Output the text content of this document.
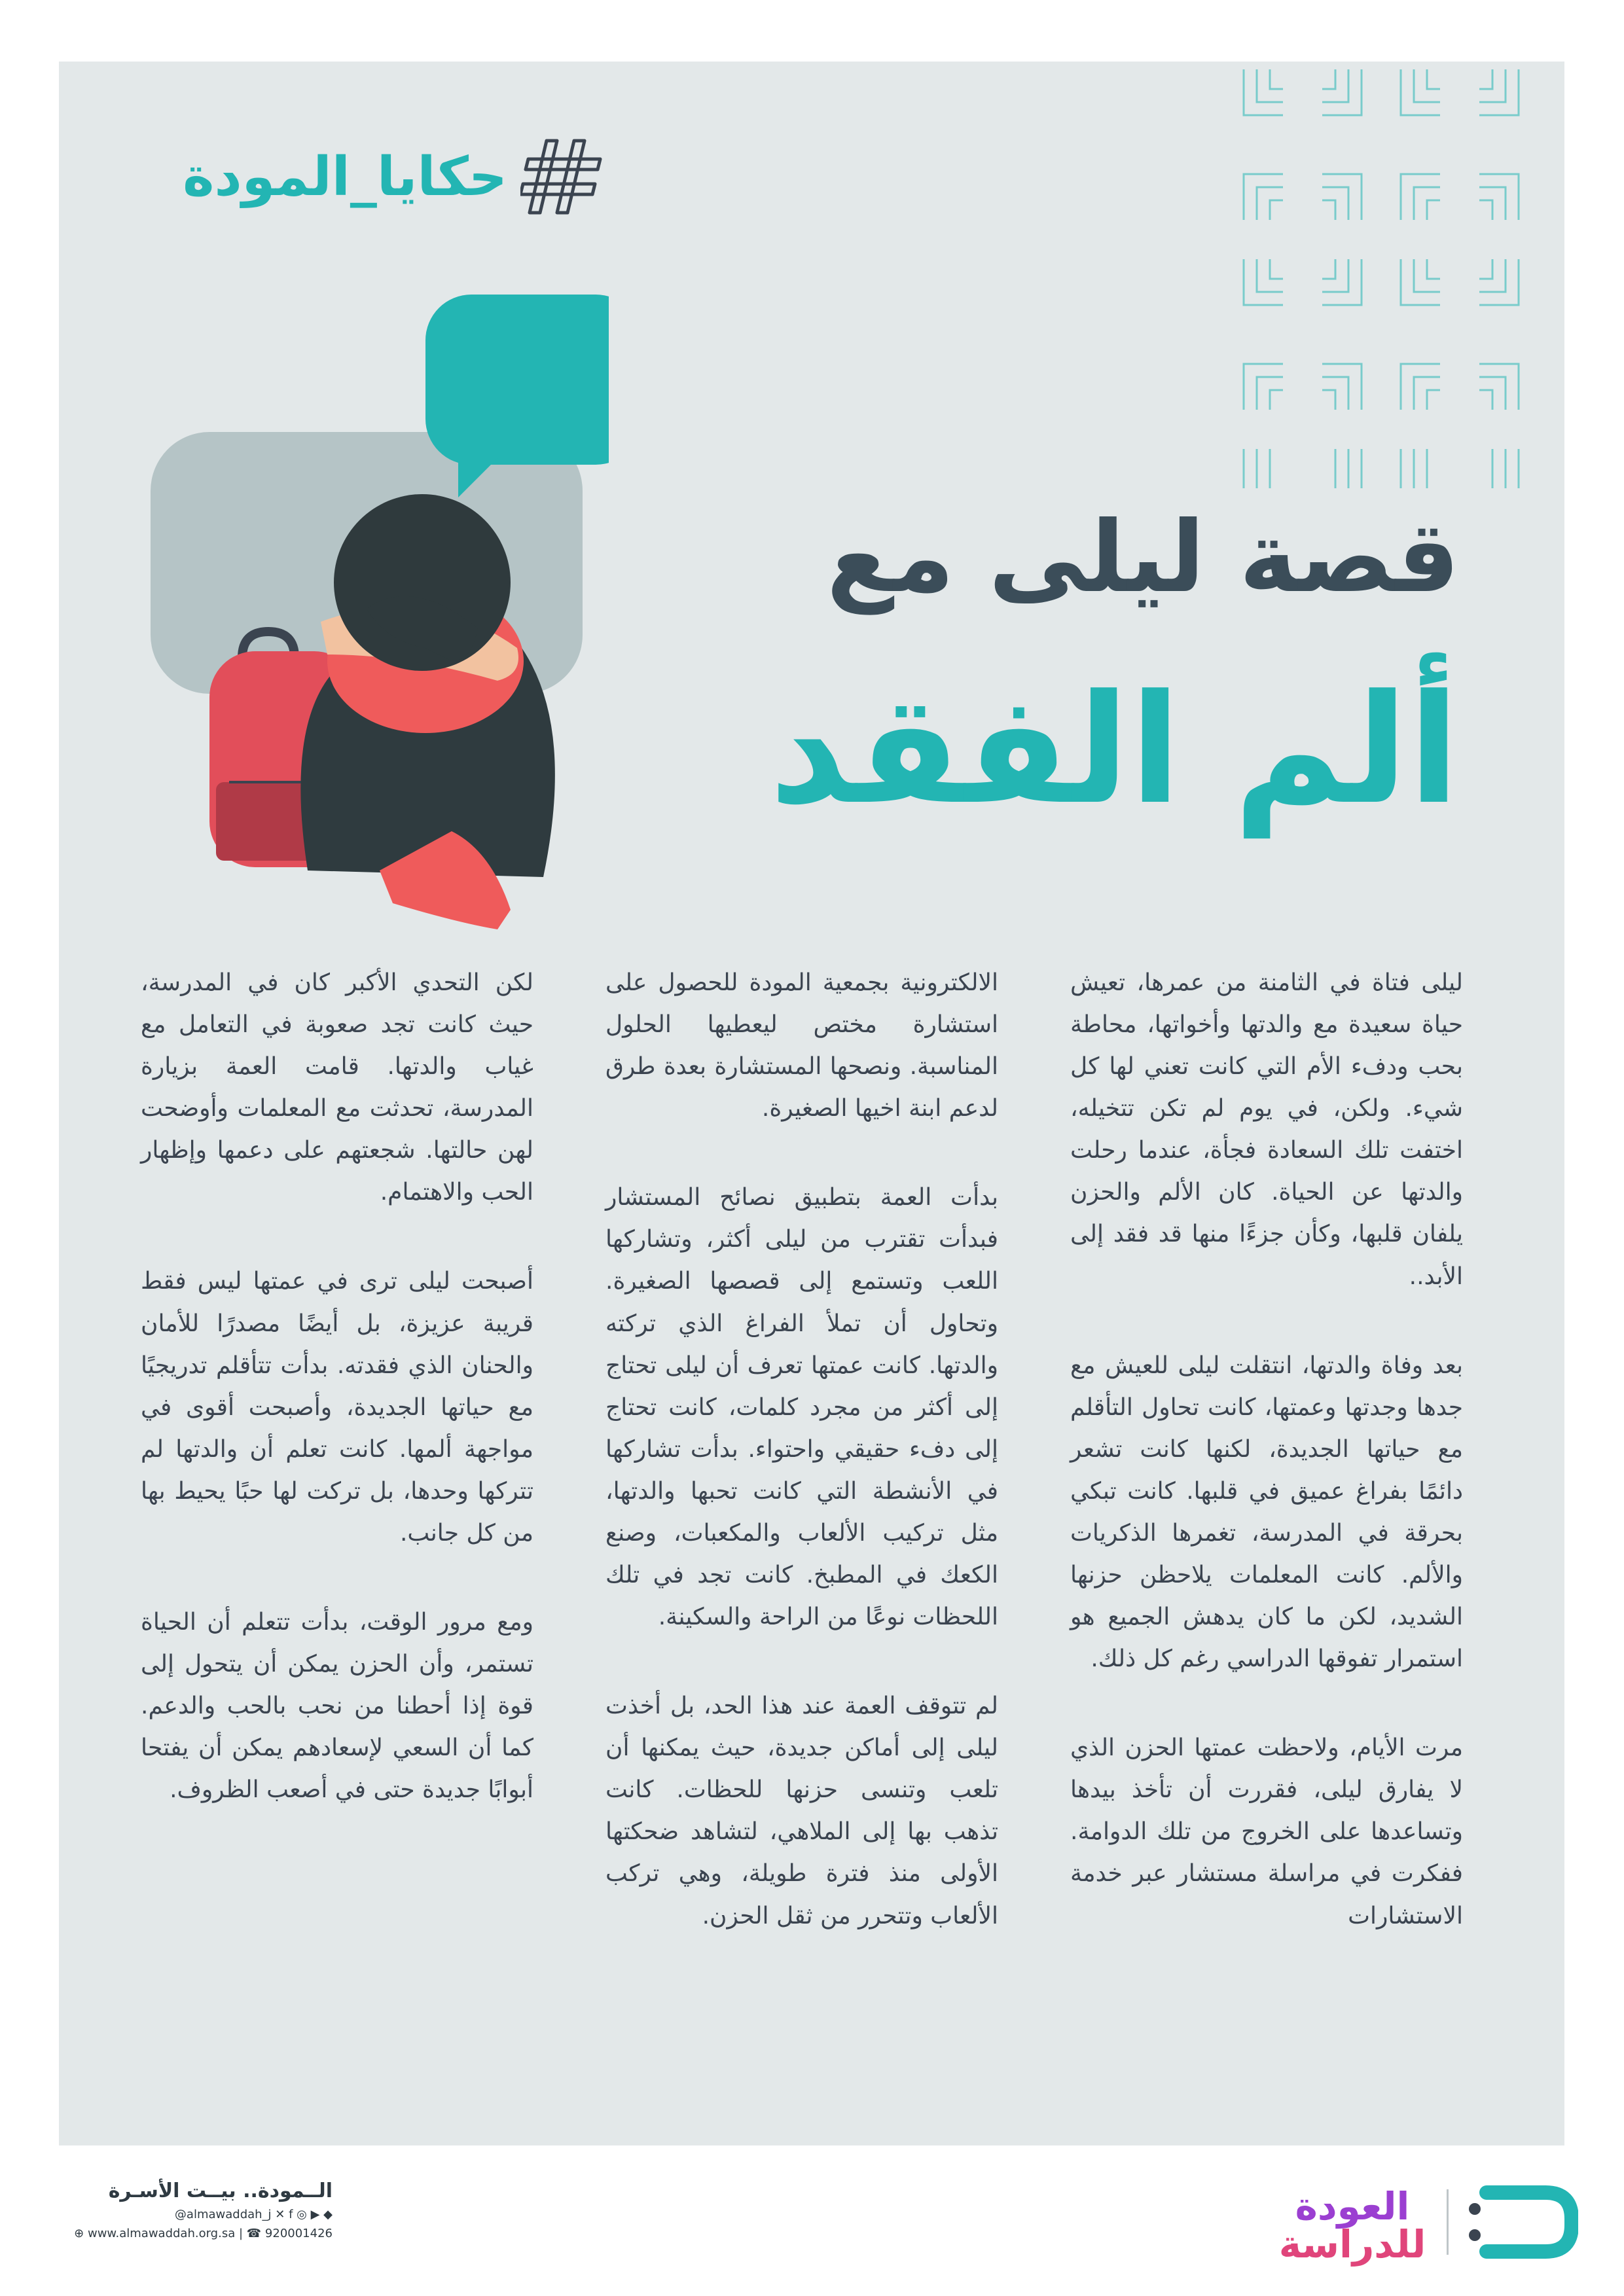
حكايا_المودة
قصة ليلى مع
ألم الفقد

ليلى فتاة في الثامنة من عمرها، تعيش حياة سعيدة مع والدتها وأخواتها، محاطة بحب ودفء الأم التي كانت تعني لها كل شيء. ولكن، في يوم لم تكن تتخيله، اختفت تلك السعادة فجأة، عندما رحلت والدتها عن الحياة. كان الألم والحزن يلفان قلبها، وكأن جزءًا منها قد فقد إلى الأبد..

بعد وفاة والدتها، انتقلت ليلى للعيش مع جدها وجدتها وعمتها، كانت تحاول التأقلم مع حياتها الجديدة، لكنها كانت تشعر دائمًا بفراغ عميق في قلبها. كانت تبكي بحرقة في المدرسة، تغمرها الذكريات والألم. كانت المعلمات يلاحظن حزنها الشديد، لكن ما كان يدهش الجميع هو استمرار تفوقها الدراسي رغم كل ذلك.

مرت الأيام، ولاحظت عمتها الحزن الذي لا يفارق ليلى، فقررت أن تأخذ بيدها وتساعدها على الخروج من تلك الدوامة. ففكرت في مراسلة مستشار عبر خدمة الاستشارات

الالكترونية بجمعية المودة للحصول على استشارة مختص ليعطيها الحلول المناسبة. ونصحها المستشارة بعدة طرق لدعم ابنة اخيها الصغيرة.

بدأت العمة بتطبيق نصائح المستشار فبدأت تقترب من ليلى أكثر، وتشاركها اللعب وتستمع إلى قصصها الصغيرة. وتحاول أن تملأ الفراغ الذي تركته والدتها. كانت عمتها تعرف أن ليلى تحتاج إلى أكثر من مجرد كلمات، كانت تحتاج إلى دفء حقيقي واحتواء. بدأت تشاركها في الأنشطة التي كانت تحبها والدتها، مثل تركيب الألعاب والمكعبات، وصنع الكعك في المطبخ. كانت تجد في تلك اللحظات نوعًا من الراحة والسكينة.

لم تتوقف العمة عند هذا الحد، بل أخذت ليلى إلى أماكن جديدة، حيث يمكنها أن تلعب وتنسى حزنها للحظات. كانت تذهب بها إلى الملاهي، لتشاهد ضحكتها الأولى منذ فترة طويلة، وهي تركب الألعاب وتتحرر من ثقل الحزن.

لكن التحدي الأكبر كان في المدرسة، حيث كانت تجد صعوبة في التعامل مع غياب والدتها. قامت العمة بزيارة المدرسة، تحدثت مع المعلمات وأوضحت لهن حالتها. شجعتهم على دعمها وإظهار الحب والاهتمام.

أصبحت ليلى ترى في عمتها ليس فقط قريبة عزيزة، بل أيضًا مصدرًا للأمان والحنان الذي فقدته. بدأت تتأقلم تدريجيًا مع حياتها الجديدة، وأصبحت أقوى في مواجهة ألمها. كانت تعلم أن والدتها لم تتركها وحدها، بل تركت لها حبًا يحيط بها من كل جانب.

ومع مرور الوقت، بدأت تتعلم أن الحياة تستمر، وأن الحزن يمكن أن يتحول إلى قوة إذا أحطنا من نحب بالحب والدعم. كما أن السعي لإسعادهم يمكن أن يفتحا أبوابًا جديدة حتى في أصعب الظروف.

الــمودة.. بيــت الأسـرة
@almawaddah_j ✕ f ◎ ▶ ◆
⊕ www.almawaddah.org.sa | ☎ 920001426
العودة
للدراسة
